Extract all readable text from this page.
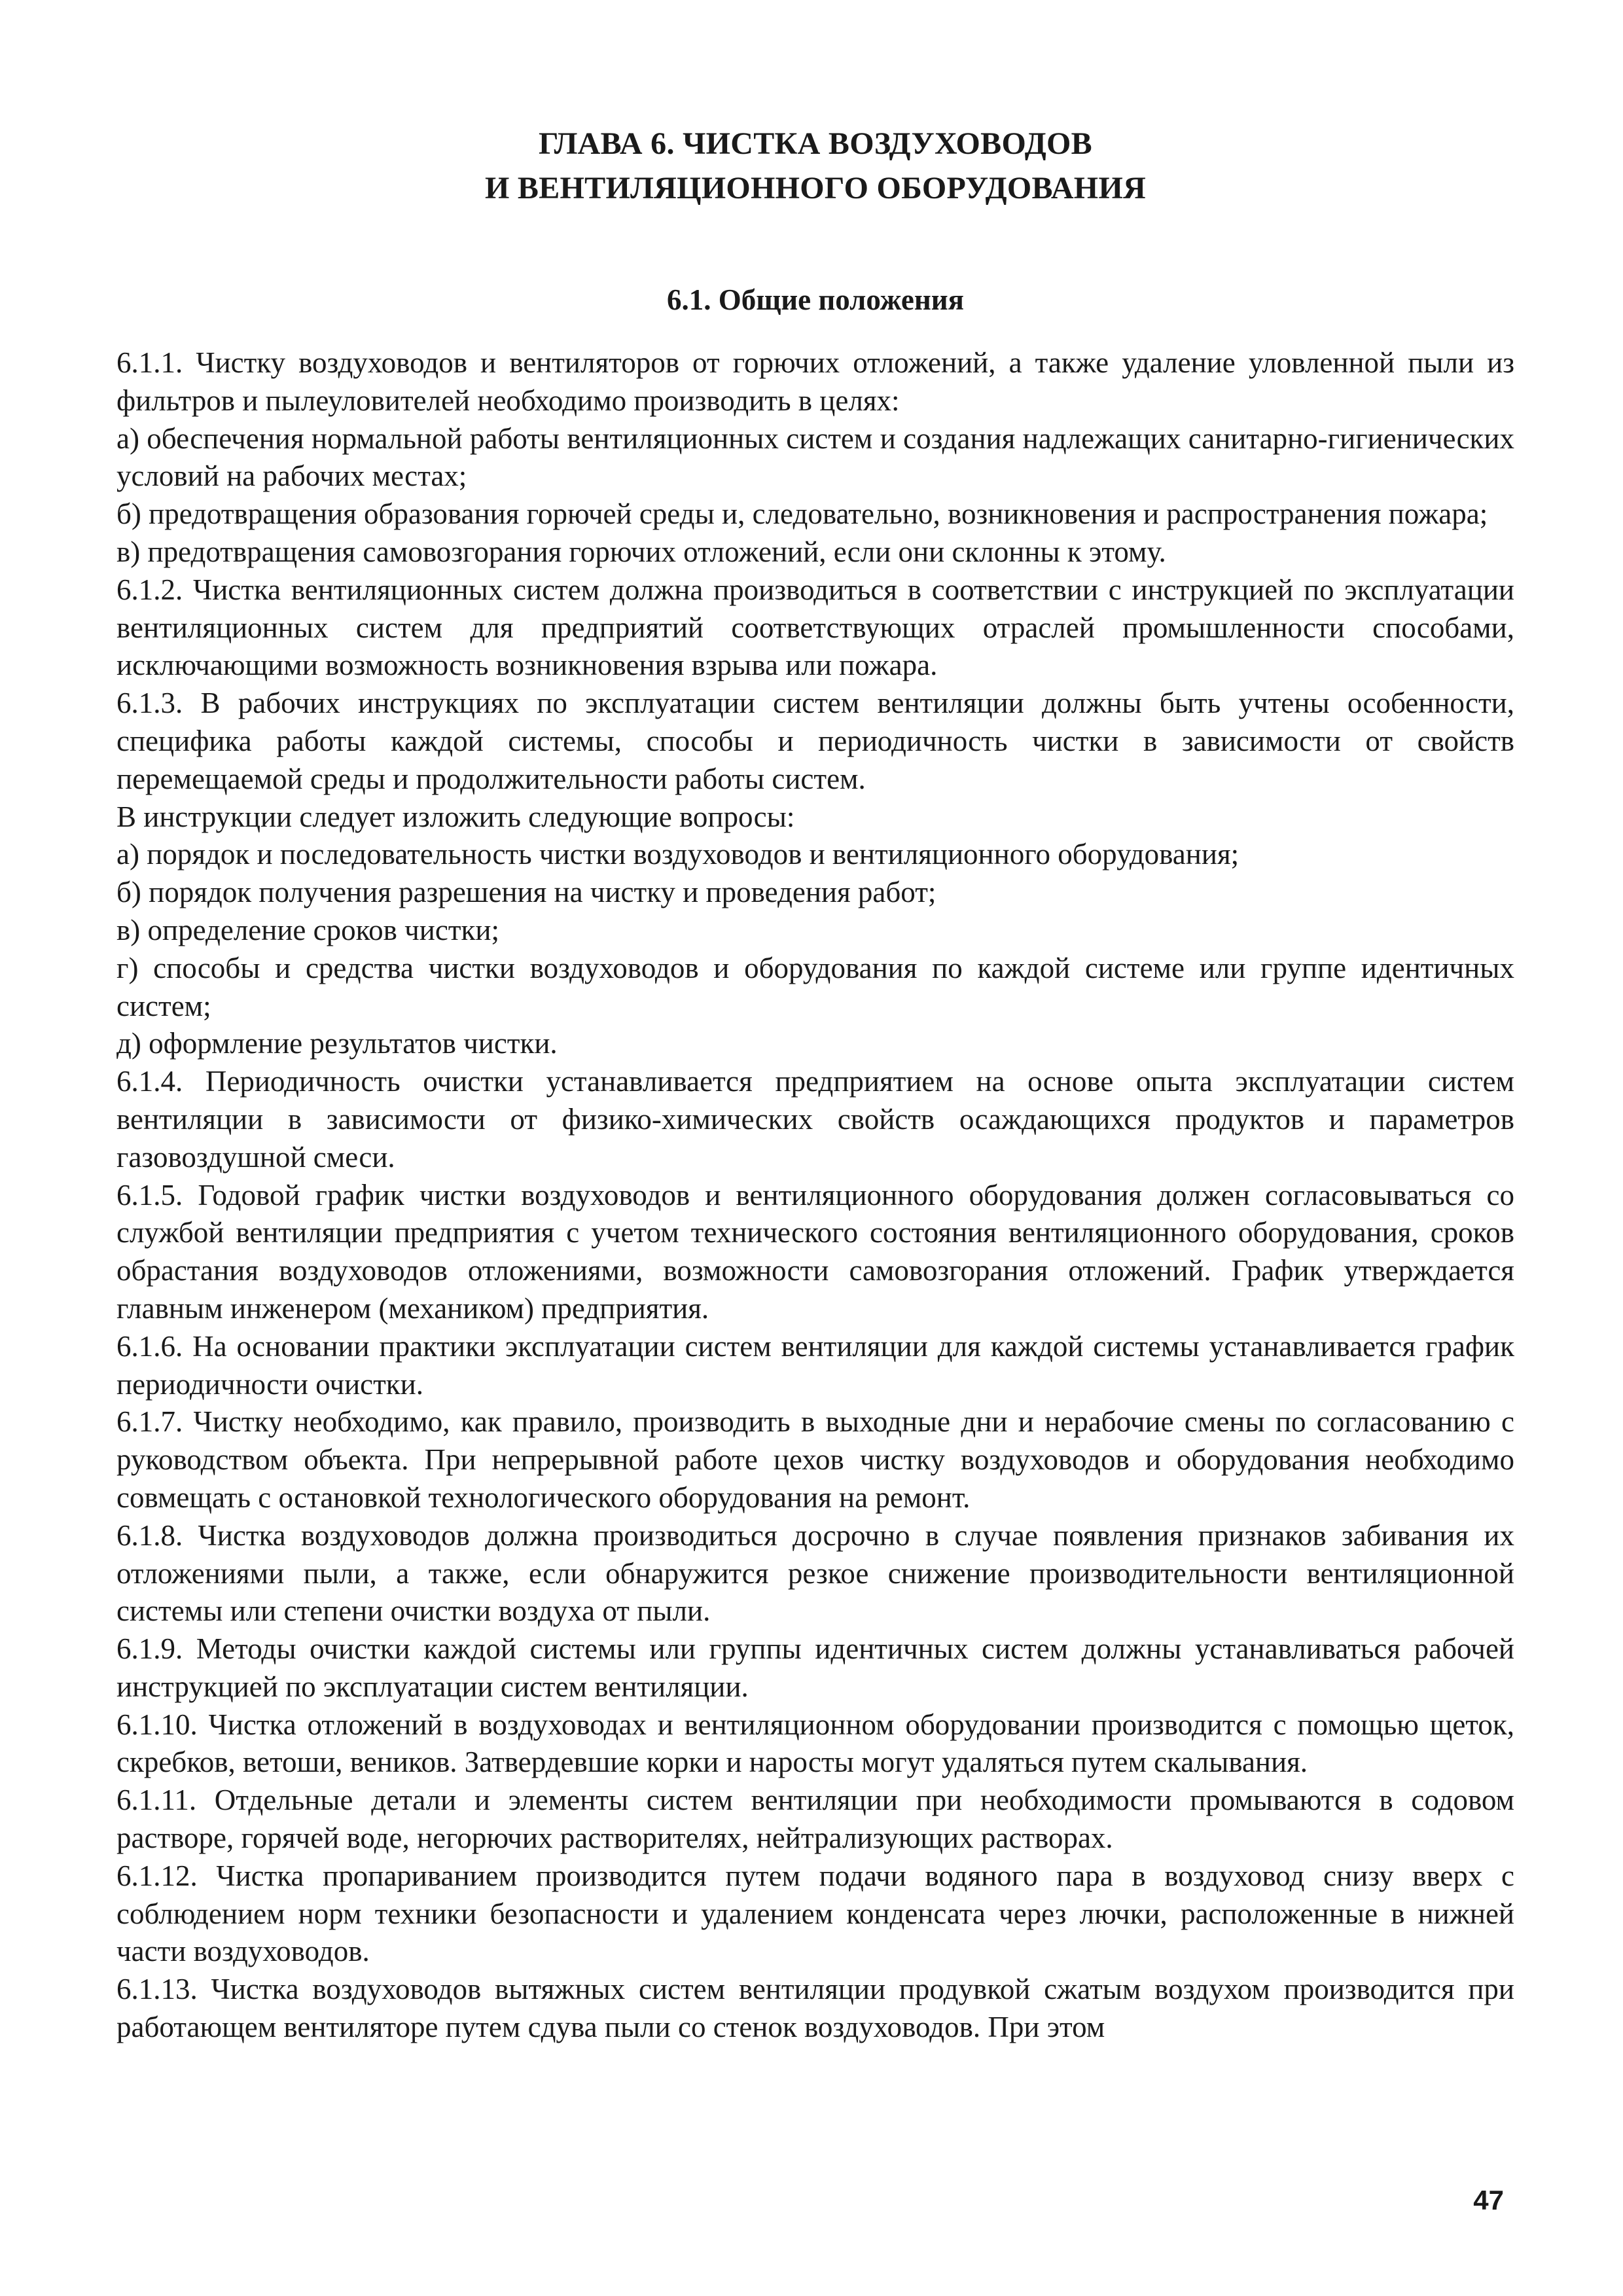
ГЛАВА 6. ЧИСТКА ВОЗДУХОВОДОВ
И ВЕНТИЛЯЦИОННОГО ОБОРУДОВАНИЯ
6.1. Общие положения

6.1.1. Чистку воздуховодов и вентиляторов от горючих отложений, а также удаление уловленной пыли из фильтров и пылеуловителей необходимо производить в целях:

а) обеспечения нормальной работы вентиляционных систем и создания надлежащих санитарно-гигиенических условий на рабочих местах;

б) предотвращения образования горючей среды и, следовательно, возникновения и распространения пожара;

в) предотвращения самовозгорания горючих отложений, если они склонны к этому.

6.1.2. Чистка вентиляционных систем должна производиться в соответствии с инструкцией по эксплуатации вентиляционных систем для предприятий соответствующих отраслей промышленности способами, исключающими возможность возникновения взрыва или пожара.

6.1.3. В рабочих инструкциях по эксплуатации систем вентиляции должны быть учтены особенности, специфика работы каждой системы, способы и периодичность чистки в зависимости от свойств перемещаемой среды и продолжительности работы систем.

В инструкции следует изложить следующие вопросы:

а) порядок и последовательность чистки воздуховодов и вентиляционного оборудования;

б) порядок получения разрешения на чистку и проведения работ;

в) определение сроков чистки;

г) способы и средства чистки воздуховодов и оборудования по каждой системе или группе идентичных систем;

д) оформление результатов чистки.

6.1.4. Периодичность очистки устанавливается предприятием на основе опыта эксплуатации систем вентиляции в зависимости от физико-химических свойств осаждающихся продуктов и параметров газовоздушной смеси.

6.1.5. Годовой график чистки воздуховодов и вентиляционного оборудования должен согласовываться со службой вентиляции предприятия с учетом технического состояния вентиляционного оборудования, сроков обрастания воздуховодов отложениями, возможности самовозгорания отложений. График утверждается главным инженером (механиком) предприятия.

6.1.6. На основании практики эксплуатации систем вентиляции для каждой системы устанавливается график периодичности очистки.

6.1.7. Чистку необходимо, как правило, производить в выходные дни и нерабочие смены по согласованию с руководством объекта. При непрерывной работе цехов чистку воздуховодов и оборудования необходимо совмещать с остановкой технологического оборудования на ремонт.

6.1.8. Чистка воздуховодов должна производиться досрочно в случае появления признаков забивания их отложениями пыли, а также, если обнаружится резкое снижение производительности вентиляционной системы или степени очистки воздуха от пыли.

6.1.9. Методы очистки каждой системы или группы идентичных систем должны устанавливаться рабочей инструкцией по эксплуатации систем вентиляции.

6.1.10. Чистка отложений в воздуховодах и вентиляционном оборудовании производится с помощью щеток, скребков, ветоши, веников. Затвердевшие корки и наросты могут удаляться путем скалывания.

6.1.11. Отдельные детали и элементы систем вентиляции при необходимости промываются в содовом растворе, горячей воде, негорючих растворителях, нейтрализующих растворах.

6.1.12. Чистка пропариванием производится путем подачи водяного пара в воздуховод снизу вверх с соблюдением норм техники безопасности и удалением конденсата через лючки, расположенные в нижней части воздуховодов.

6.1.13. Чистка воздуховодов вытяжных систем вентиляции продувкой сжатым воздухом производится при работающем вентиляторе путем сдува пыли со стенок воздуховодов. При этом

47
